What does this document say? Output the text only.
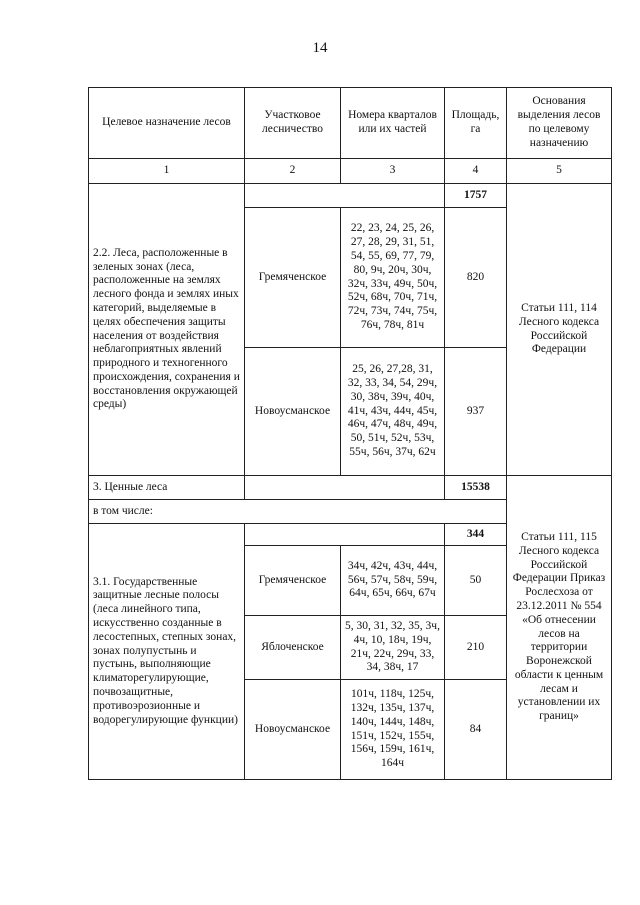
14
Целевое назначение лесов	Участковое лесничество	Номера кварталов или их частей	Площадь, га	Основания выделения лесов по целевому назначению
1	2	3	4	5
2.2. Леса, расположенные в зеленых зонах (леса, расположенные на землях лесного фонда и землях иных категорий, выделяемые в целях обеспечения защиты населения от воздействия неблагоприятных явлений природного и техногенного происхождения, сохранения и восстановления окружающей среды)			1757	Статьи 111, 114 Лесного кодекса Российской Федерации
	Гремяченское	22, 23, 24, 25, 26, 27, 28, 29, 31, 51, 54, 55, 69, 77, 79, 80, 9ч, 20ч, 30ч, 32ч, 33ч, 49ч, 50ч, 52ч, 68ч, 70ч, 71ч, 72ч, 73ч, 74ч, 75ч, 76ч, 78ч, 81ч	820	
	Новоусманское	25, 26, 27,28, 31, 32, 33, 34, 54, 29ч, 30, 38ч, 39ч, 40ч, 41ч, 43ч, 44ч, 45ч, 46ч, 47ч, 48ч, 49ч, 50, 51ч, 52ч, 53ч, 55ч, 56ч, 37ч, 62ч	937	
3. Ценные леса			15538	Статьи 111, 115 Лесного кодекса Российской Федерации Приказ Рослесхоза от 23.12.2011 № 554 «Об отнесении лесов на территории Воронежской области к ценным лесам и установлении их границ»
в том числе:				
3.1. Государственные защитные лесные полосы (леса линейного типа, искусственно созданные в лесостепных, степных зонах, зонах полупустынь и пустынь, выполняющие климаторегулирующие, почвозащитные, противоэрозионные и водорегулирующие функции)			344	
	Гремяченское	34ч, 42ч, 43ч, 44ч, 56ч, 57ч, 58ч, 59ч, 64ч, 65ч, 66ч, 67ч	50	
	Яблоченское	5, 30, 31, 32, 35, 3ч, 4ч, 10, 18ч, 19ч, 21ч, 22ч, 29ч, 33, 34, 38ч, 17	210	
	Новоусманское	101ч, 118ч, 125ч, 132ч, 135ч, 137ч, 140ч, 144ч, 148ч, 151ч, 152ч, 155ч, 156ч, 159ч, 161ч, 164ч	84	
